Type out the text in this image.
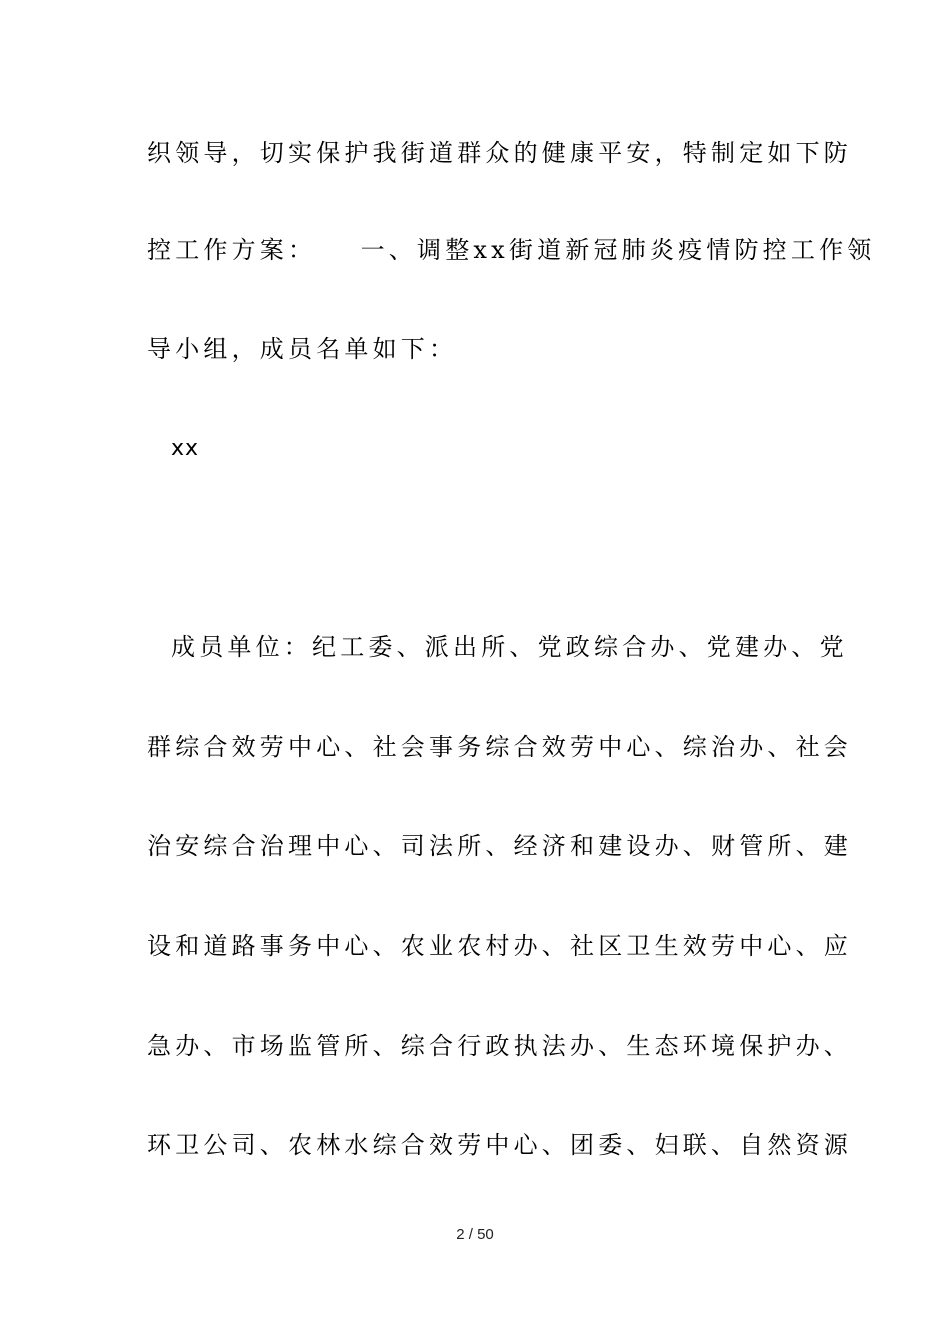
织领导，切实保护我街道群众的健康平安，特制定如下防
控工作方案：　　一、调整xx街道新冠肺炎疫情防控工作领
导小组，成员名单如下：
xx
成员单位：纪工委、派出所、党政综合办、党建办、党
群综合效劳中心、社会事务综合效劳中心、综治办、社会
治安综合治理中心、司法所、经济和建设办、财管所、建
设和道路事务中心、农业农村办、社区卫生效劳中心、应
急办、市场监管所、综合行政执法办、生态环境保护办、
环卫公司、农林水综合效劳中心、团委、妇联、自然资源
2 / 50
